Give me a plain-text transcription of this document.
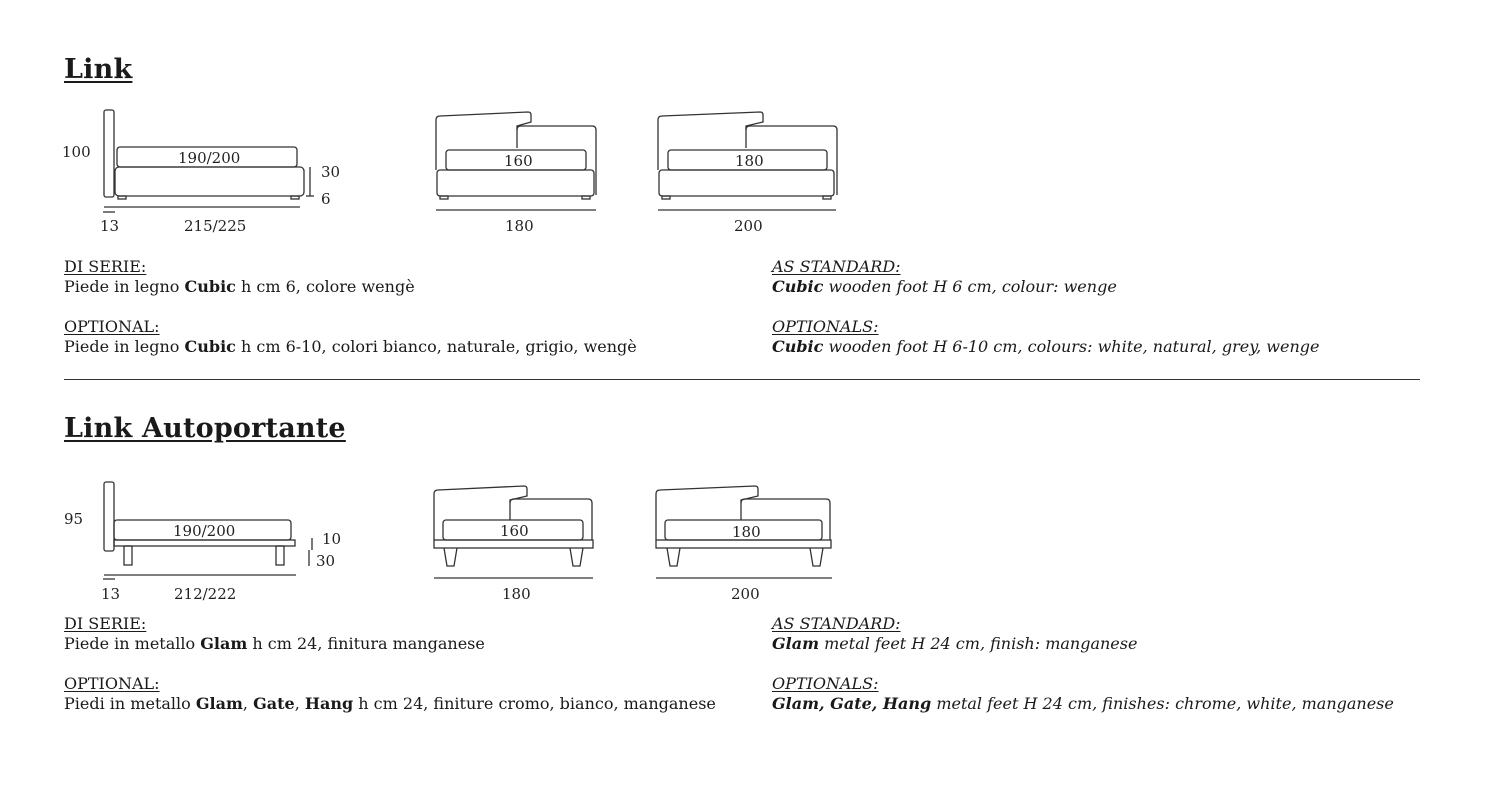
Link
100	190/200
30
6
13	215/225
160
180
180
200
DI SERIE:
Piede in legno Cubic h cm 6, colore wengè
OPTIONAL:
Piede in legno Cubic h cm 6-10, colori bianco, naturale, grigio, wengè
AS STANDARD:
Cubic wooden foot H 6 cm, colour: wenge
OPTIONALS:
Cubic wooden foot H 6-10 cm, colours: white, natural, grey, wenge
Link Autoportante
95
190/200	10
30
13	212/222
160
180
180
200
DI SERIE:
Piede in metallo Glam h cm 24, finitura manganese
OPTIONAL:
Piedi in metallo Glam, Gate, Hang h cm 24, finiture cromo, bianco, manganese
AS STANDARD:
Glam metal feet H 24 cm, finish: manganese
OPTIONALS:
Glam, Gate, Hang metal feet H 24 cm, finishes: chrome, white, manganese
